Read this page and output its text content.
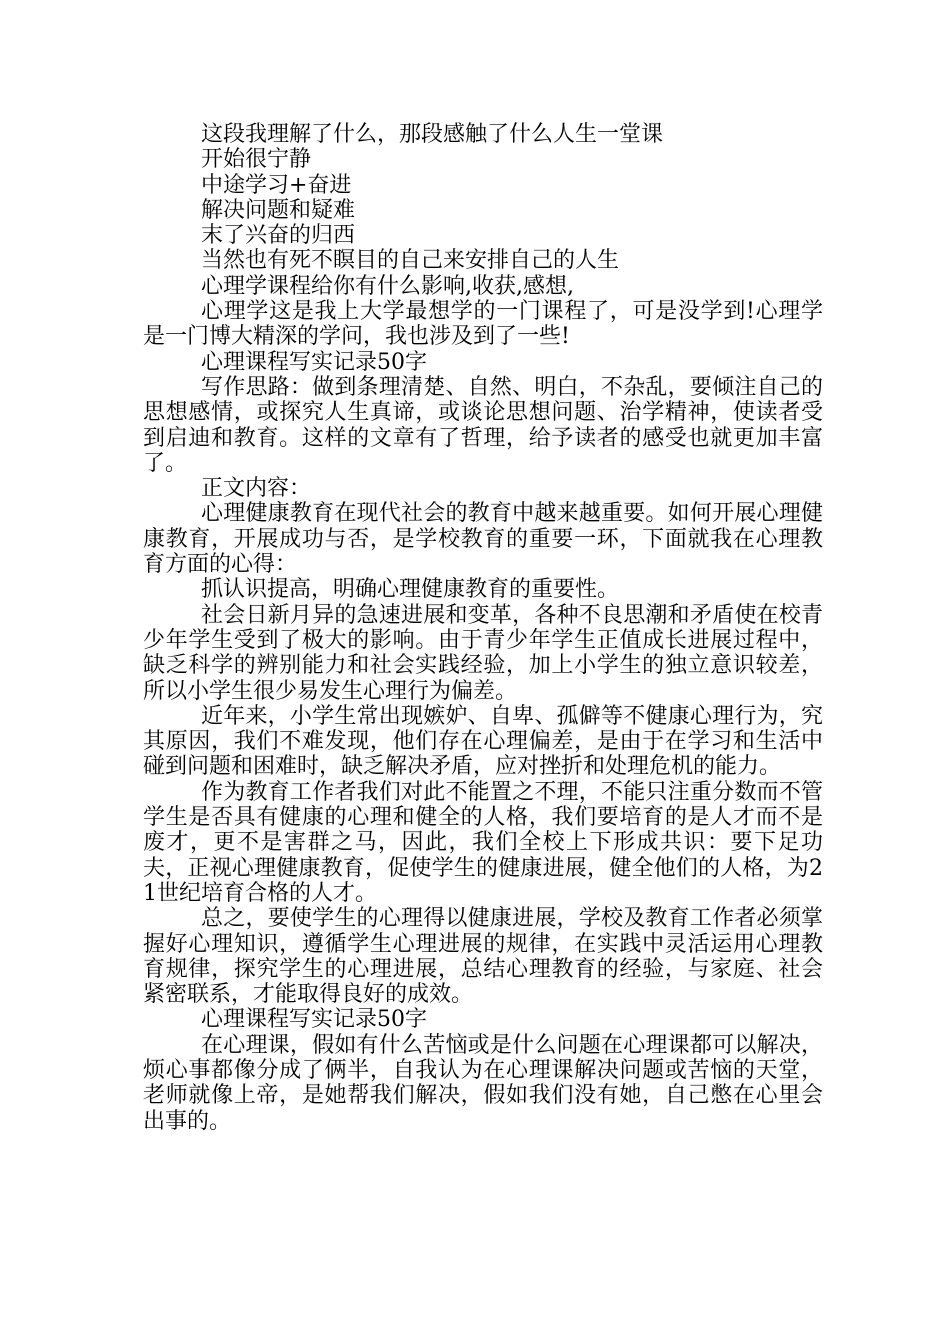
这段我理解了什么，那段感触了什么人生一堂课

开始很宁静

中途学习+奋进

解决问题和疑难

末了兴奋的归西

当然也有死不瞑目的自己来安排自己的人生

心理学课程给你有什么影响,收获,感想,

心理学这是我上大学最想学的一门课程了，可是没学到!心理学是一门博大精深的学问，我也涉及到了一些!

心理课程写实记录50字

写作思路：做到条理清楚、自然、明白，不杂乱，要倾注自己的思想感情，或探究人生真谛，或谈论思想问题、治学精神，使读者受到启迪和教育。这样的文章有了哲理，给予读者的感受也就更加丰富了。

正文内容：

心理健康教育在现代社会的教育中越来越重要。如何开展心理健康教育，开展成功与否，是学校教育的重要一环，下面就我在心理教育方面的心得：

抓认识提高，明确心理健康教育的重要性。

社会日新月异的急速进展和变革，各种不良思潮和矛盾使在校青少年学生受到了极大的影响。由于青少年学生正值成长进展过程中，缺乏科学的辨别能力和社会实践经验，加上小学生的独立意识较差，所以小学生很少易发生心理行为偏差。

近年来，小学生常出现嫉妒、自卑、孤僻等不健康心理行为，究其原因，我们不难发现，他们存在心理偏差，是由于在学习和生活中碰到问题和困难时，缺乏解决矛盾，应对挫折和处理危机的能力。

作为教育工作者我们对此不能置之不理，不能只注重分数而不管学生是否具有健康的心理和健全的人格，我们要培育的是人才而不是废才，更不是害群之马，因此，我们全校上下形成共识：要下足功夫，正视心理健康教育，促使学生的健康进展，健全他们的人格，为21世纪培育合格的人才。

总之，要使学生的心理得以健康进展，学校及教育工作者必须掌握好心理知识，遵循学生心理进展的规律，在实践中灵活运用心理教育规律，探究学生的心理进展，总结心理教育的经验，与家庭、社会紧密联系，才能取得良好的成效。

心理课程写实记录50字

在心理课，假如有什么苦恼或是什么问题在心理课都可以解决，烦心事都像分成了俩半，自我认为在心理课解决问题或苦恼的天堂，老师就像上帝，是她帮我们解决，假如我们没有她，自己憋在心里会出事的。
